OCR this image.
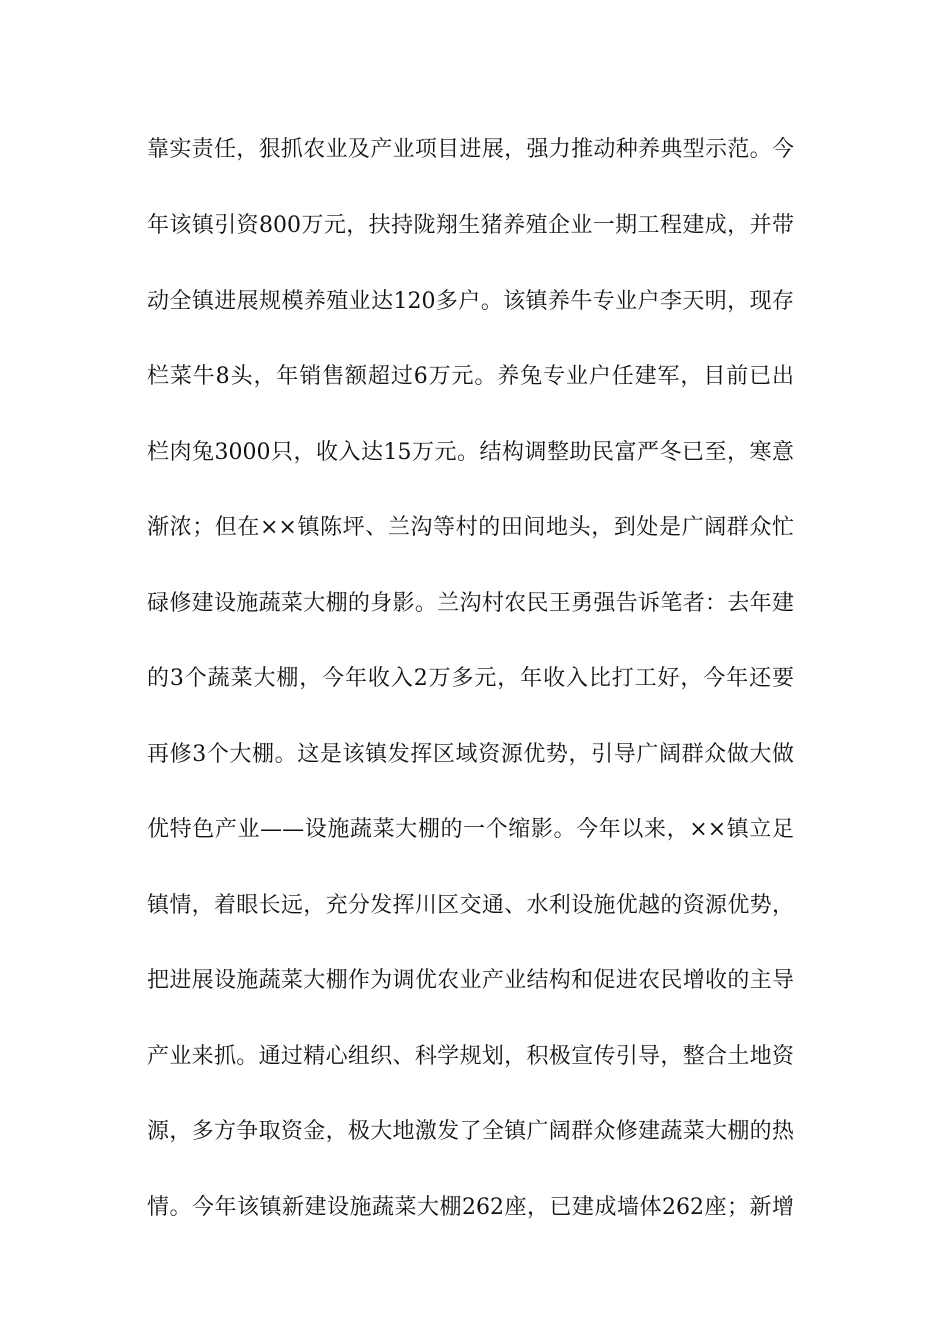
靠实责任，狠抓农业及产业项目进展，强力推动种养典型示范。今
年该镇引资800万元，扶持陇翔生猪养殖企业一期工程建成，并带
动全镇进展规模养殖业达120多户。该镇养牛专业户李天明，现存
栏菜牛8头，年销售额超过6万元。养兔专业户任建军，目前已出
栏肉兔3000只，收入达15万元。结构调整助民富严冬已至，寒意
渐浓；但在××镇陈坪、兰沟等村的田间地头，到处是广阔群众忙
碌修建设施蔬菜大棚的身影。兰沟村农民王勇强告诉笔者：去年建
的3个蔬菜大棚，今年收入2万多元，年收入比打工好，今年还要
再修3个大棚。这是该镇发挥区域资源优势，引导广阔群众做大做
优特色产业——设施蔬菜大棚的一个缩影。今年以来，××镇立足
镇情，着眼长远，充分发挥川区交通、水利设施优越的资源优势，
把进展设施蔬菜大棚作为调优农业产业结构和促进农民增收的主导
产业来抓。通过精心组织、科学规划，积极宣传引导，整合土地资
源，多方争取资金，极大地激发了全镇广阔群众修建蔬菜大棚的热
情。今年该镇新建设施蔬菜大棚262座，已建成墙体262座；新增
